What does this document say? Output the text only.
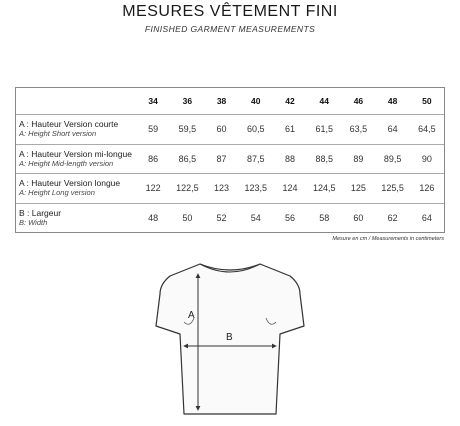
MESURES VÊTEMENT FINI
FINISHED GARMENT MEASUREMENTS
	34	36	38	40	42	44	46	48	50

A : Hauteur Version courte
A: Height Short version	59	59,5	60	60,5	61	61,5	63,5	64	64,5

A : Hauteur Version mi-longue
A: Height Mid-length version	86	86,5	87	87,5	88	88,5	89	89,5	90

A : Hauteur Version longue
A: Height Long version	122	122,5	123	123,5	124	124,5	125	125,5	126

B : Largeur
B: Width	48	50	52	54	56	58	60	62	64
Mesure en cm / Measurements in centimeters
A
B
